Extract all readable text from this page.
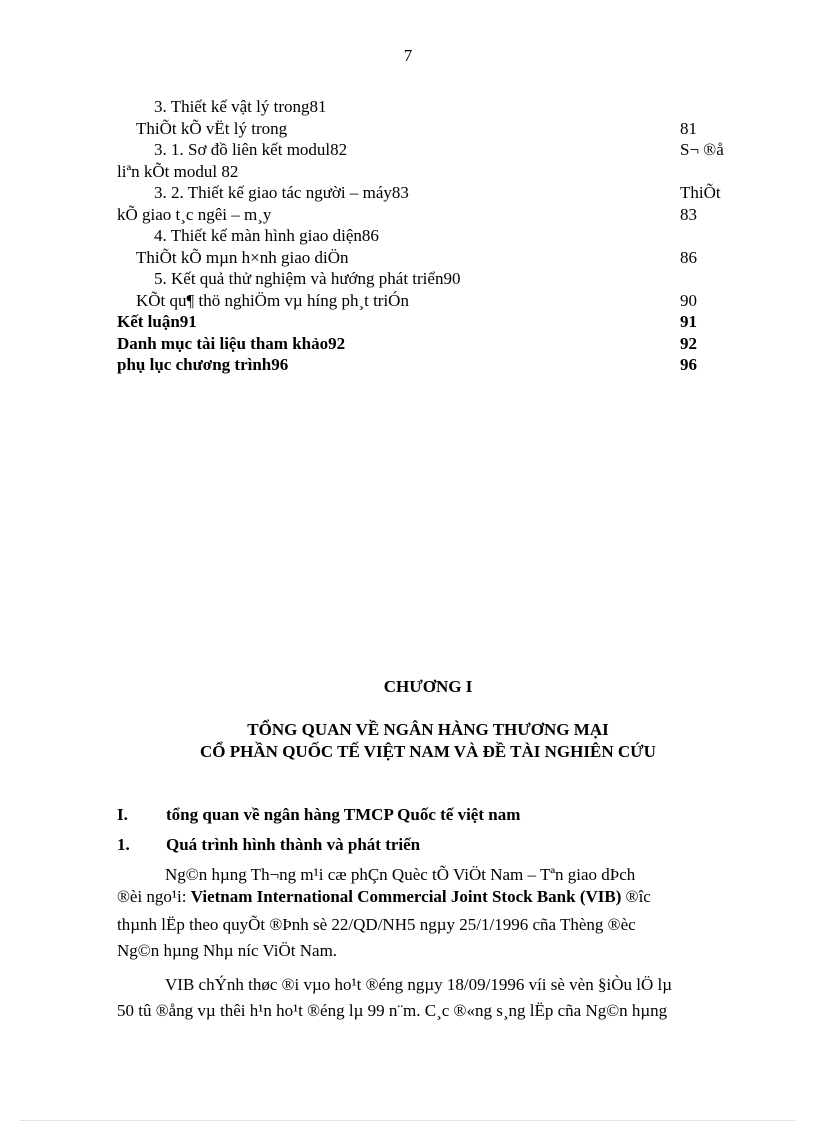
7
3. Thiết kế vật lý trong81
ThiÕt kÕ vËt lý trong	81
3. 1. Sơ đồ liên kết modul82	S¬ ®å
liªn kÕt modul 82
3. 2. Thiết kế giao tác người – máy83	ThiÕt
kÕ giao t¸c ngêi – m¸y	83
4. Thiết kế màn hình giao diện86
ThiÕt kÕ mµn h×nh giao diÖn	86
5. Kết quả thử nghiệm và hướng phát triển90
KÕt qu¶ thö nghiÖm vµ híng ph¸t triÓn	90
Kết luận91	91
Danh mục tài liệu tham khảo92	92
phụ lục chương trình96	96
CHƯƠNG I
TỔNG QUAN VỀ NGÂN HÀNG THƯƠNG MẠI
CỔ PHẦN QUỐC TẾ VIỆT NAM VÀ ĐỀ TÀI NGHIÊN CỨU
I. tổng quan về ngân hàng TMCP Quốc tế việt nam
1. Quá trình hình thành và phát triển
Ng©n hµng Th¬ng m¹i cæ phÇn Quèc tÕ ViÖt Nam – Tªn giao dÞch
®èi ngo¹i: Vietnam International Commercial Joint Stock Bank (VIB) ®îc
thµnh lËp theo quyÕt ®Þnh sè 22/QD/NH5 ngµy 25/1/1996 cña Thèng ®èc
Ng©n hµng Nhµ níc ViÖt Nam.
VIB chÝnh thøc ®i vµo ho¹t ®éng ngµy 18/09/1996 víi sè vèn §iÒu lÖ lµ
50 tû ®ång vµ thêi h¹n ho¹t ®éng lµ 99 n¨m. C¸c ®«ng s¸ng lËp cña Ng©n hµng
